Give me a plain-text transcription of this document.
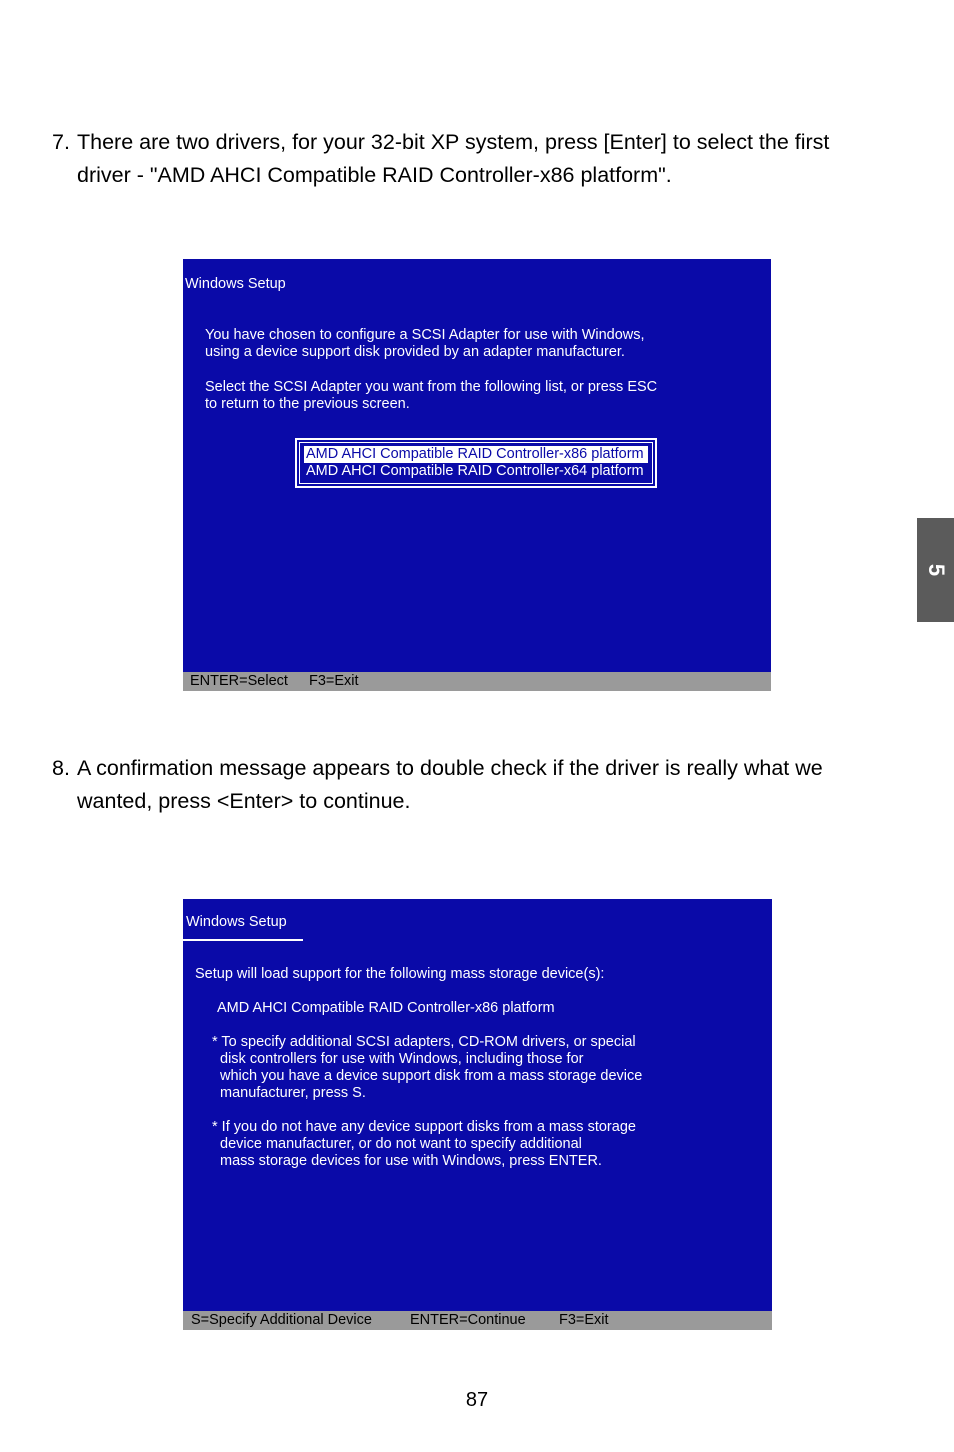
7. There are two drivers, for your 32-bit XP system, press [Enter] to select the first
driver - "AMD AHCI Compatible RAID Controller-x86 platform".
Windows Setup
You have chosen to configure a SCSI Adapter for use with Windows,
using a device support disk provided by an adapter manufacturer.
Select the SCSI Adapter you want from the following list, or press ESC
to return to the previous screen.
AMD AHCI Compatible RAID Controller-x86 platform
AMD AHCI Compatible RAID Controller-x64 platform
ENTER=Select F3=Exit
8. A confirmation message appears to double check if the driver is really what we
wanted, press <Enter> to continue.
Windows Setup
Setup will load support for the following mass storage device(s):
AMD AHCI Compatible RAID Controller-x86 platform
* To specify additional SCSI adapters, CD-ROM drivers, or special
disk controllers for use with Windows, including those for
which you have a device support disk from a mass storage device
manufacturer, press S.
* If you do not have any device support disks from a mass storage
device manufacturer, or do not want to specify additional
mass storage devices for use with Windows, press ENTER.
S=Specify Additional Device	ENTER=Continue F3=Exit
5
87
